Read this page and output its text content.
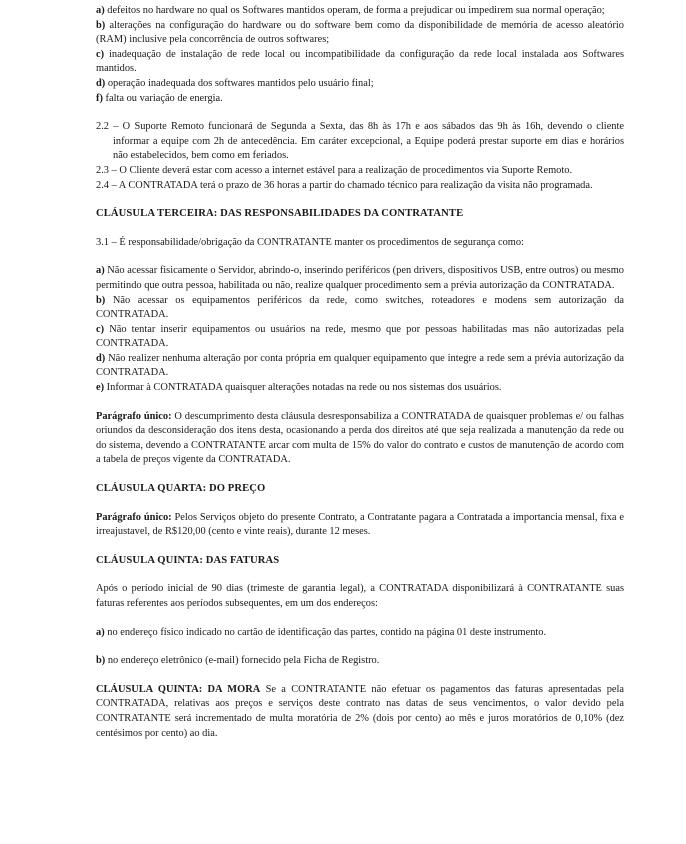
a) defeitos no hardware no qual os Softwares mantidos operam, de forma a prejudicar ou impedirem sua normal operação;

b) alterações na configuração do hardware ou do software bem como da disponibilidade de memória de acesso aleatório (RAM) inclusive pela concorrência de outros softwares;

c) inadequação de instalação de rede local ou incompatibilidade da configuração da rede local instalada aos Softwares mantidos.

d) operação inadequada dos softwares mantidos pelo usuário final;

f) falta ou variação de energia.

2.2 – O Suporte Remoto funcionará de Segunda a Sexta, das 8h às 17h e aos sábados das 9h às 16h, devendo o cliente informar a equipe com 2h de antecedência. Em caráter excepcional, a Equipe poderá prestar suporte em dias e horários não estabelecidos, bem como em feriados.

2.3 – O Cliente deverá estar com acesso a internet estável para a realização de procedimentos via Suporte Remoto.

2.4 – A CONTRATADA terá o prazo de 36 horas a partir do chamado técnico para realização da visita não programada.

CLÁUSULA TERCEIRA: DAS RESPONSABILIDADES DA CONTRATANTE

3.1 – É responsabilidade/obrigação da CONTRATANTE manter os procedimentos de segurança como:

a) Não acessar fisicamente o Servidor, abrindo-o, inserindo periféricos (pen drivers, dispositivos USB, entre outros) ou mesmo permitindo que outra pessoa, habilitada ou não, realize qualquer procedimento sem a prévia autorização da CONTRATADA.

b) Não acessar os equipamentos periféricos da rede, como switches, roteadores e modens sem autorização da CONTRATADA.

c) Não tentar inserir equipamentos ou usuários na rede, mesmo que por pessoas habilitadas mas não autorizadas pela CONTRATADA.

d) Não realizer nenhuma alteração por conta própria em qualquer equipamento que integre a rede sem a prévia autorização da CONTRATADA.

e) Informar à CONTRATADA quaisquer alterações notadas na rede ou nos sistemas dos usuários.

Parágrafo único: O descumprimento desta cláusula desresponsabiliza a CONTRATADA de quaisquer problemas e/ ou falhas oriundos da desconsideração dos itens desta, ocasionando a perda dos direitos até que seja realizada a manutenção da rede ou do sistema, devendo a CONTRATANTE arcar com multa de 15% do valor do contrato e custos de manutenção de acordo com a tabela de preços vigente da CONTRATADA.

CLÁUSULA QUARTA: DO PREÇO

Parágrafo único: Pelos Serviços objeto do presente Contrato, a Contratante pagara a Contratada a importancia mensal, fixa e irreajustavel, de R$120,00 (cento e vinte reais), durante 12 meses.

CLÁUSULA QUINTA: DAS FATURAS

Após o período inicial de 90 dias (trimeste de garantia legal), a CONTRATADA disponibilizará à CONTRATANTE suas faturas referentes aos períodos subsequentes, em um dos endereços:

a) no endereço físico indicado no cartão de identificação das partes, contido na página 01 deste instrumento.

b) no endereço eletrônico (e-mail) fornecido pela Ficha de Registro.

CLÁUSULA QUINTA: DA MORA Se a CONTRATANTE não efetuar os pagamentos das faturas apresentadas pela CONTRATADA, relativas aos preços e serviços deste contrato nas datas de seus vencimentos, o valor devido pela CONTRATANTE será incrementado de multa moratória de 2% (dois por cento) ao mês e juros moratórios de 0,10% (dez centésimos por cento) ao dia.
